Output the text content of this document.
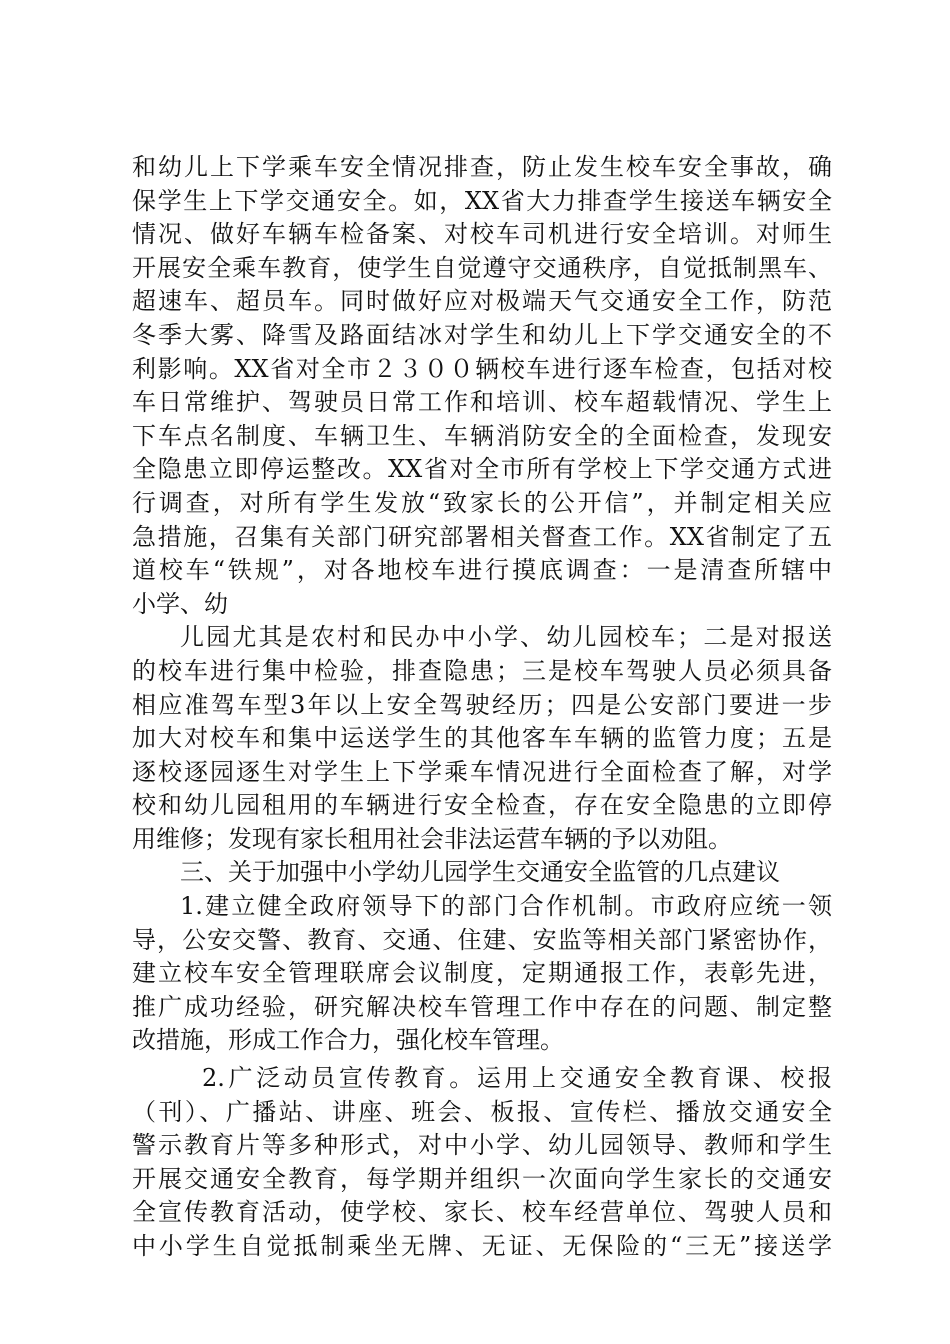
和幼儿上下学乘车安全情况排查，防止发生校车安全事故，确
保学生上下学交通安全。如，XX省大力排查学生接送车辆安全
情况、做好车辆车检备案、对校车司机进行安全培训。对师生
开展安全乘车教育，使学生自觉遵守交通秩序，自觉抵制黑车、
超速车、超员车。同时做好应对极端天气交通安全工作，防范
冬季大雾、降雪及路面结冰对学生和幼儿上下学交通安全的不
利影响。XX省对全市２３００辆校车进行逐车检查，包括对校
车日常维护、驾驶员日常工作和培训、校车超载情况、学生上
下车点名制度、车辆卫生、车辆消防安全的全面检查，发现安
全隐患立即停运整改。XX省对全市所有学校上下学交通方式进
行调查，对所有学生发放“致家长的公开信”，并制定相关应
急措施，召集有关部门研究部署相关督查工作。XX省制定了五
道校车“铁规”，对各地校车进行摸底调查：一是清查所辖中
小学、幼
儿园尤其是农村和民办中小学、幼儿园校车；二是对报送
的校车进行集中检验，排查隐患；三是校车驾驶人员必须具备
相应准驾车型3年以上安全驾驶经历；四是公安部门要进一步
加大对校车和集中运送学生的其他客车车辆的监管力度；五是
逐校逐园逐生对学生上下学乘车情况进行全面检查了解，对学
校和幼儿园租用的车辆进行安全检查，存在安全隐患的立即停
用维修；发现有家长租用社会非法运营车辆的予以劝阻。
三、关于加强中小学幼儿园学生交通安全监管的几点建议
1.建立健全政府领导下的部门合作机制。市政府应统一领
导，公安交警、教育、交通、住建、安监等相关部门紧密协作，
建立校车安全管理联席会议制度，定期通报工作，表彰先进，
推广成功经验，研究解决校车管理工作中存在的问题、制定整
改措施，形成工作合力，强化校车管理。
2.广泛动员宣传教育。运用上交通安全教育课、校报
（刊）、广播站、讲座、班会、板报、宣传栏、播放交通安全
警示教育片等多种形式，对中小学、幼儿园领导、教师和学生
开展交通安全教育，每学期并组织一次面向学生家长的交通安
全宣传教育活动，使学校、家长、校车经营单位、驾驶人员和
中小学生自觉抵制乘坐无牌、无证、无保险的“三无”接送学
